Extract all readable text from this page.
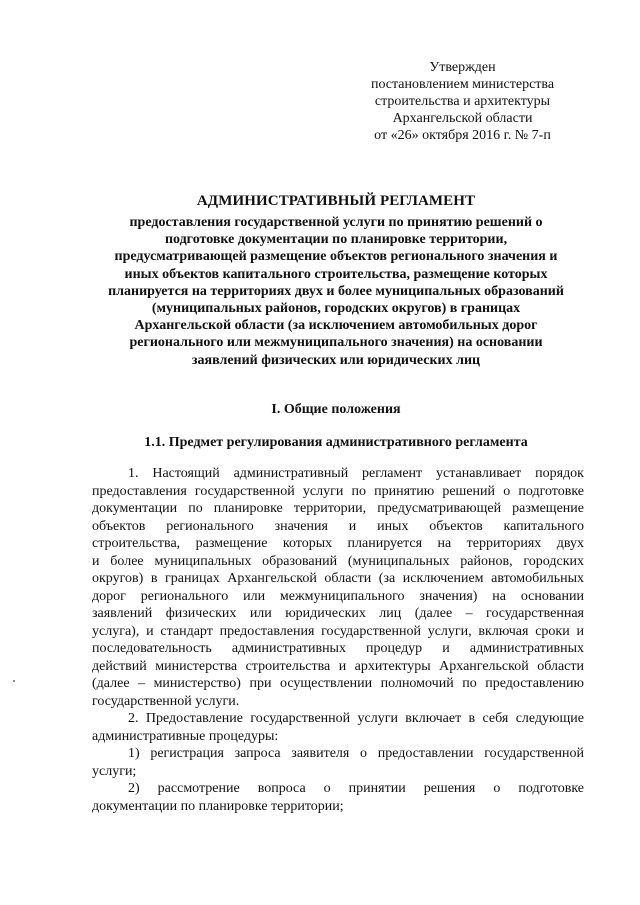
Утвержден
постановлением министерства
строительства и архитектуры
Архангельской области
от «26» октября 2016 г. № 7-п
АДМИНИСТРАТИВНЫЙ РЕГЛАМЕНТ
предоставления государственной услуги по принятию решений о
подготовке документации по планировке территории,
предусматривающей размещение объектов регионального значения и
иных объектов капитального строительства, размещение которых
планируется на территориях двух и более муниципальных образований
(муниципальных районов, городских округов) в границах
Архангельской области (за исключением автомобильных дорог
регионального или межмуниципального значения) на основании
заявлений физических или юридических лиц
I. Общие положения
1.1. Предмет регулирования административного регламента
1. Настоящий административный регламент устанавливает порядок
предоставления государственной услуги по принятию решений о подготовке
документации по планировке территории, предусматривающей размещение
объектов регионального значения и иных объектов капитального
строительства, размещение которых планируется на территориях двух
и более муниципальных образований (муниципальных районов, городских
округов) в границах Архангельской области (за исключением автомобильных
дорог регионального или межмуниципального значения) на основании
заявлений физических или юридических лиц (далее – государственная
услуга), и стандарт предоставления государственной услуги, включая сроки и
последовательность административных процедур и административных
действий министерства строительства и архитектуры Архангельской области
(далее – министерство) при осуществлении полномочий по предоставлению
государственной услуги.
2. Предоставление государственной услуги включает в себя следующие
административные процедуры:
1) регистрация запроса заявителя о предоставлении государственной
услуги;
2) рассмотрение вопроса о принятии решения о подготовке
документации по планировке территории;
